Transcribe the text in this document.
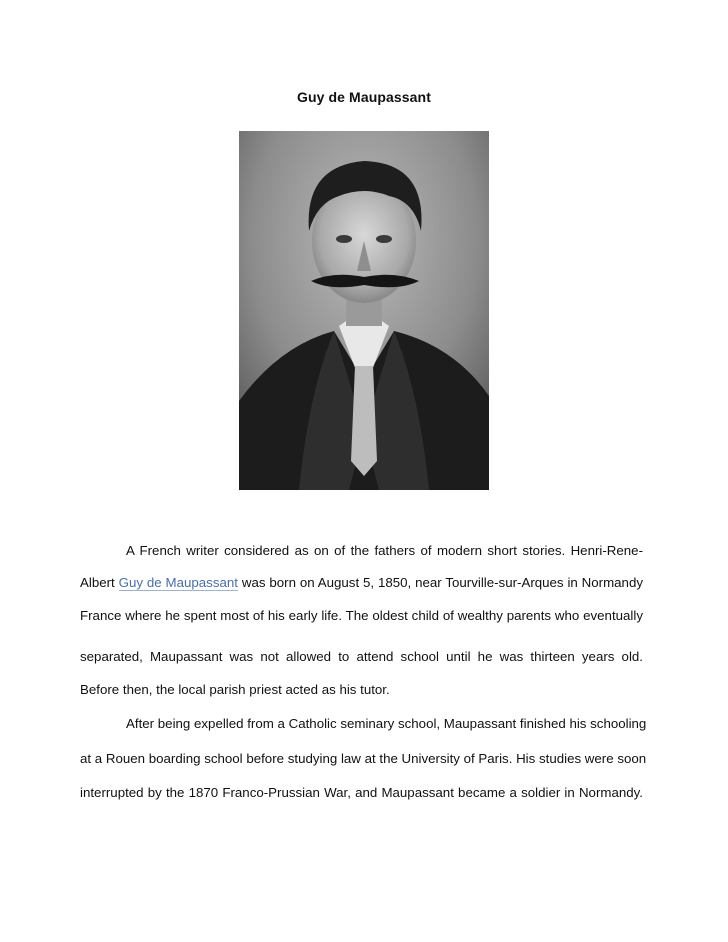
Guy de Maupassant
A French writer considered as on of the fathers of modern short stories. Henri-Rene-
Albert Guy de Maupassant was born on August 5, 1850, near Tourville-sur-Arques in Normandy
France where he spent most of his early life. The oldest child of wealthy parents who eventually
separated, Maupassant was not allowed to attend school until he was thirteen years old.
Before then, the local parish priest acted as his tutor.
After being expelled from a Catholic seminary school, Maupassant finished his schooling
at a Rouen boarding school before studying law at the University of Paris. His studies were soon
interrupted by the 1870 Franco-Prussian War, and Maupassant became a soldier in Normandy.
